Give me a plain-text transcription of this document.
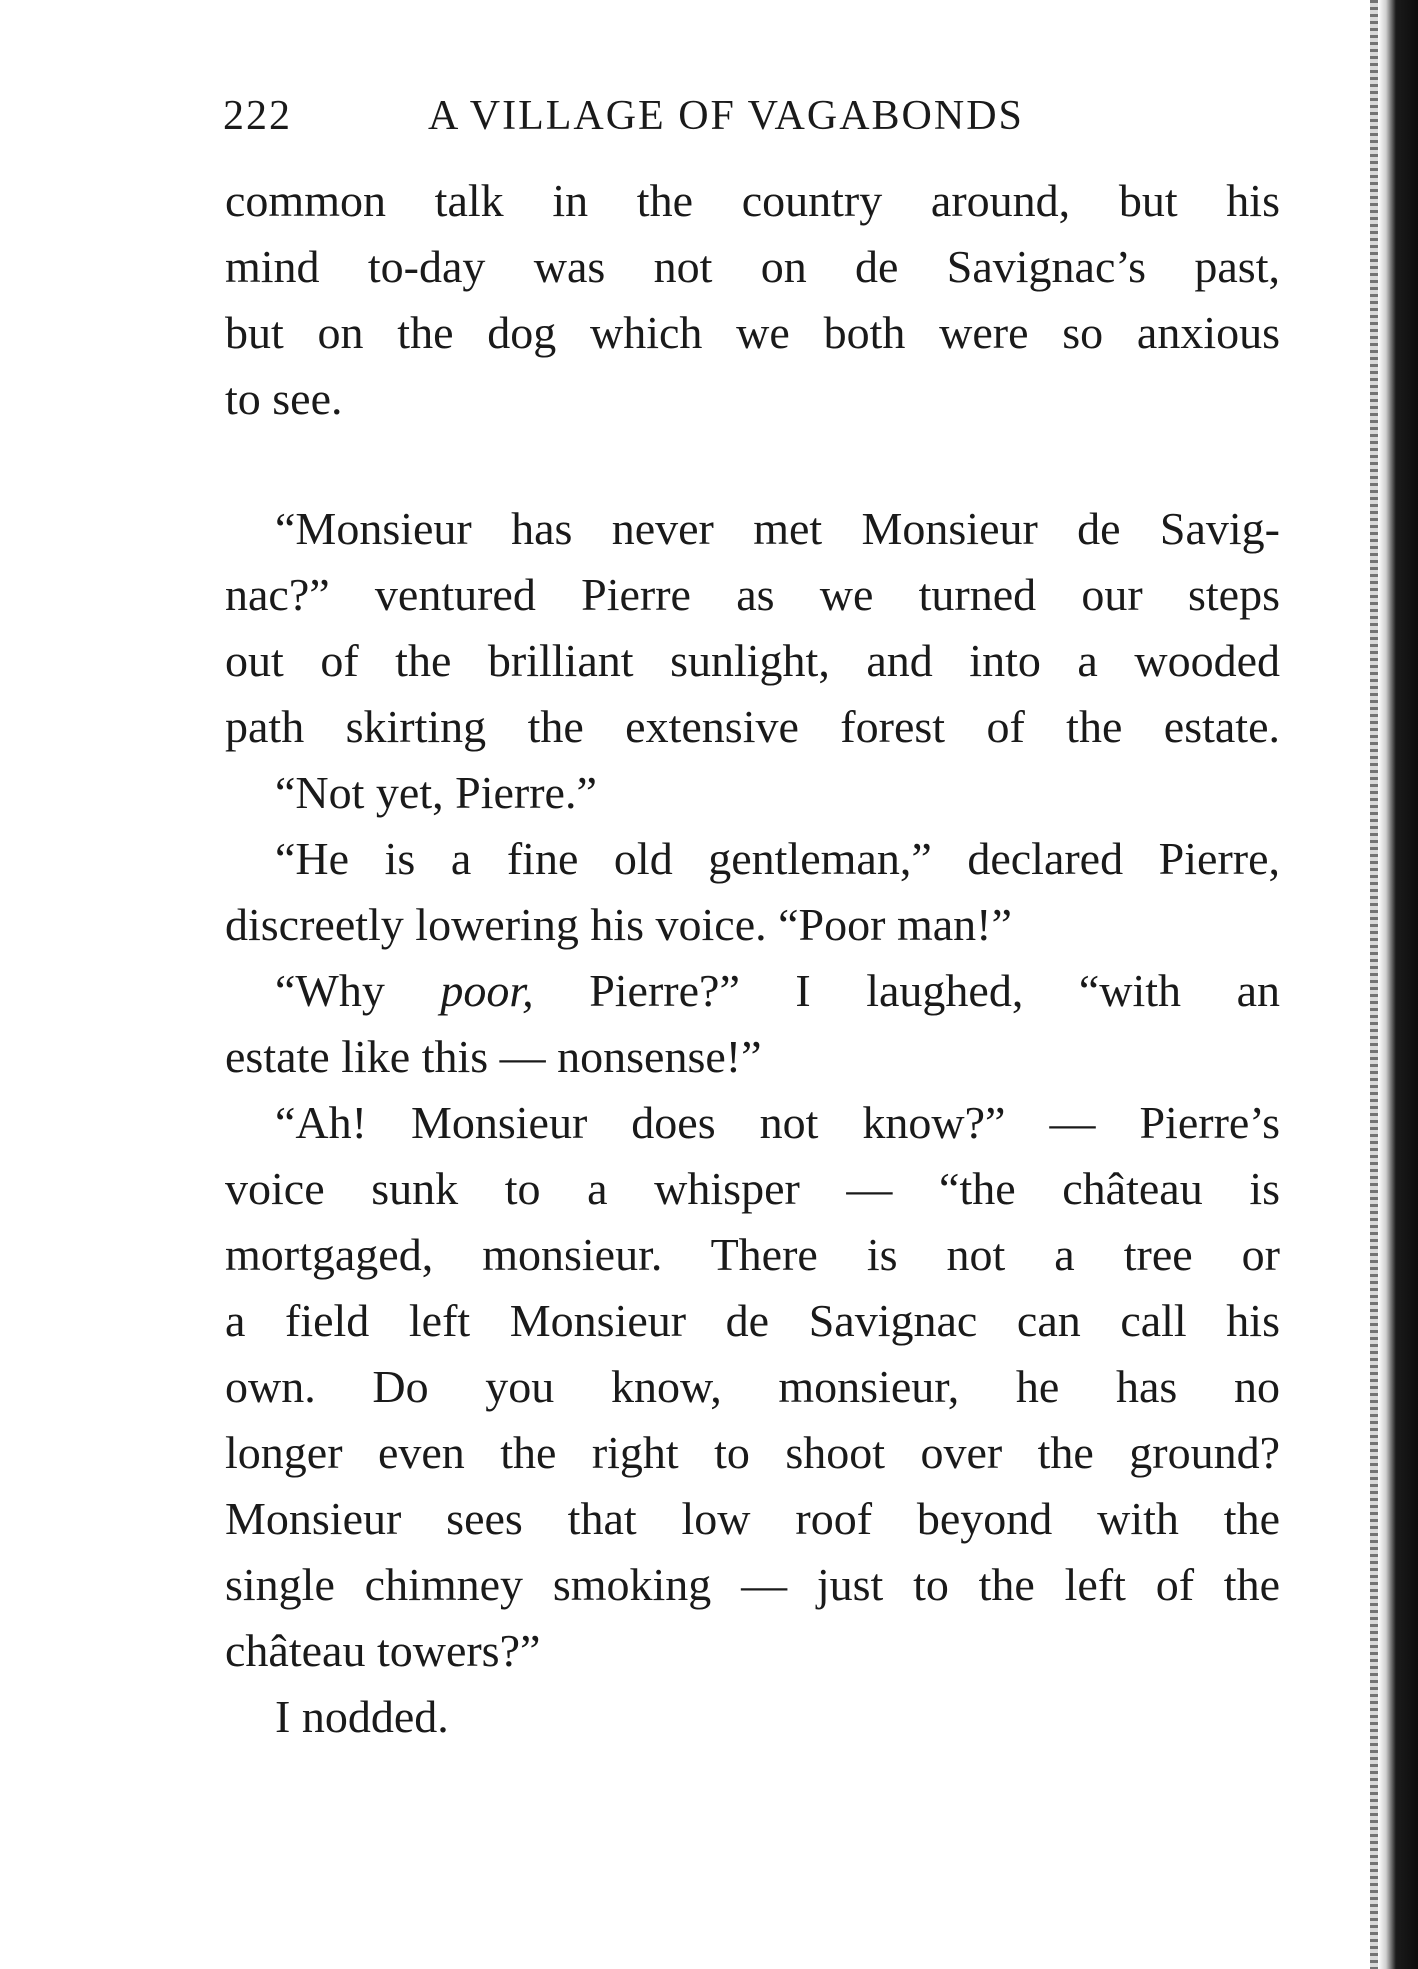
222	A VILLAGE OF VAGABONDS
common talk in the country around, but his
mind to-day was not on de Savignac’s past,
but on the dog which we both were so anxious
to see.
“Monsieur has never met Monsieur de Savig-
nac?” ventured Pierre as we turned our steps
out of the brilliant sunlight, and into a wooded
path skirting the extensive forest of the estate.
“Not yet, Pierre.”
“He is a fine old gentleman,” declared Pierre,
discreetly lowering his voice. “Poor man!”
“Why poor, Pierre?” I laughed, “with an
estate like this — nonsense!”
“Ah! Monsieur does not know?” — Pierre’s
voice sunk to a whisper — “the château is
mortgaged, monsieur. There is not a tree or
a field left Monsieur de Savignac can call his
own. Do you know, monsieur, he has no
longer even the right to shoot over the ground?
Monsieur sees that low roof beyond with the
single chimney smoking — just to the left of the
château towers?”
I nodded.
